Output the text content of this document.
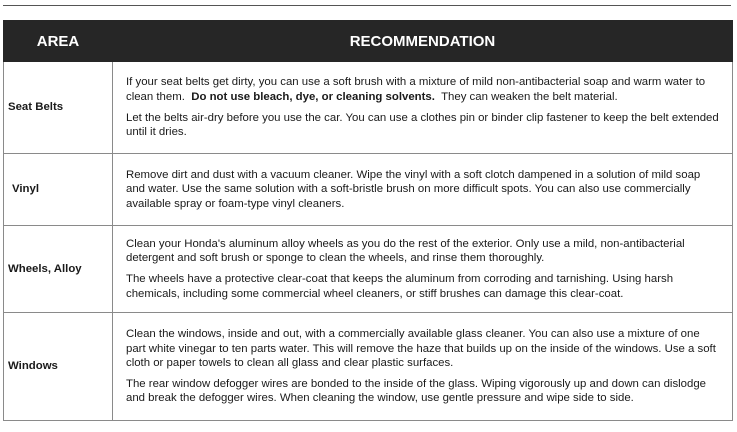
AREA	RECOMMENDATION
Seat Belts	If your seat belts get dirty, you can use a soft brush with a mixture of mild non-antibacterial soap and warm water to clean them. Do not use bleach, dye, or cleaning solvents. They can weaken the belt material.

Let the belts air-dry before you use the car. You can use a clothes pin or binder clip fastener to keep the belt extended until it dries.

Vinyl	Remove dirt and dust with a vacuum cleaner. Wipe the vinyl with a soft clotch dampened in a solution of mild soap and water. Use the same solution with a soft-bristle brush on more difficult spots. You can also use commercially available spray or foam-type vinyl cleaners.

Wheels, Alloy	Clean your Honda's aluminum alloy wheels as you do the rest of the exterior. Only use a mild, non-antibacterial detergent and soft brush or sponge to clean the wheels, and rinse them thoroughly.

The wheels have a protective clear-coat that keeps the aluminum from corroding and tarnishing. Using harsh chemicals, including some commercial wheel cleaners, or stiff brushes can damage this clear-coat.

Windows	Clean the windows, inside and out, with a commercially available glass cleaner. You can also use a mixture of one part white vinegar to ten parts water. This will remove the haze that builds up on the inside of the windows. Use a soft cloth or paper towels to clean all glass and clear plastic surfaces.

The rear window defogger wires are bonded to the inside of the glass. Wiping vigorously up and down can dislodge and break the defogger wires. When cleaning the window, use gentle pressure and wipe side to side.
